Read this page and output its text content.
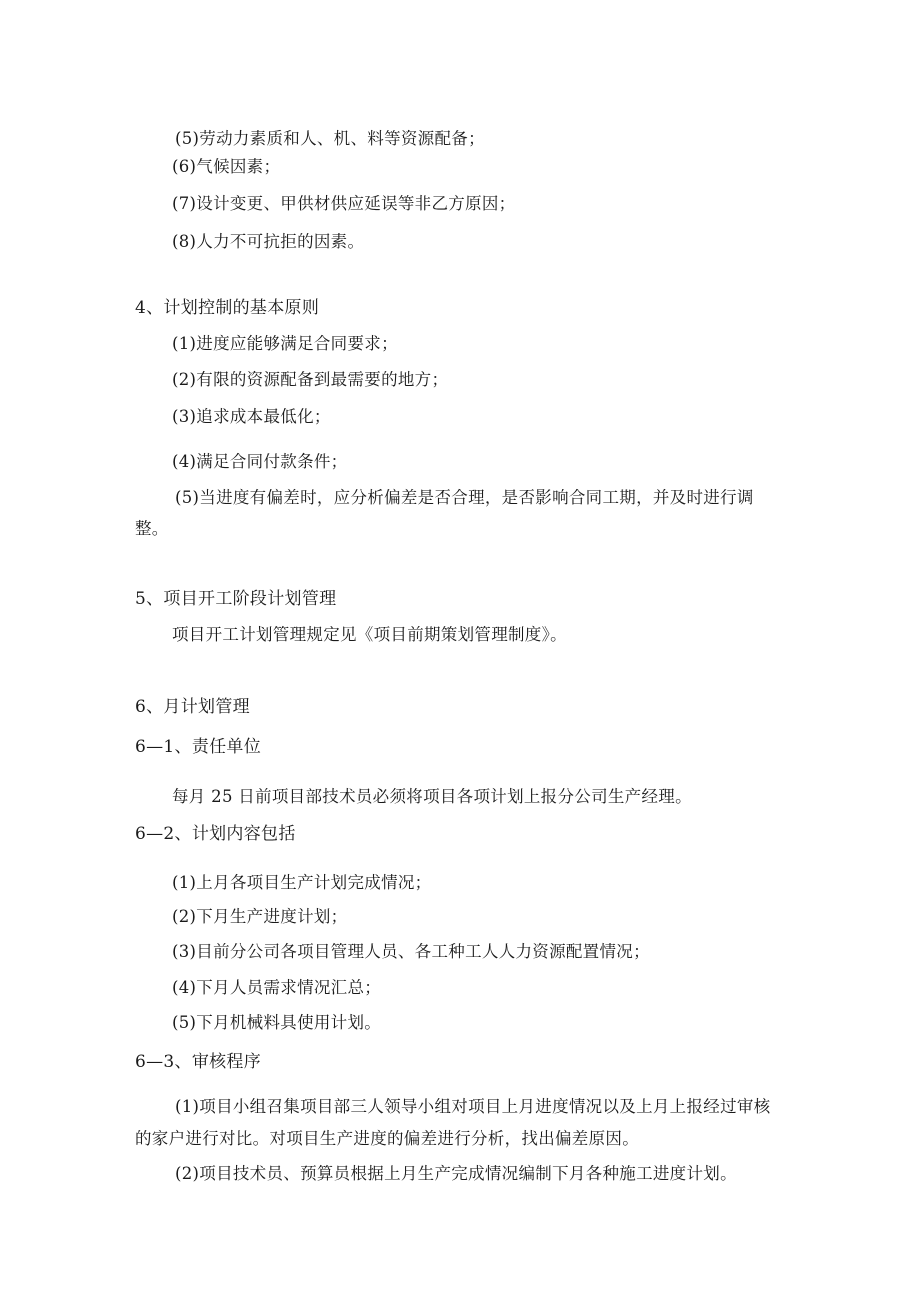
(5)劳动力素质和人、机、料等资源配备；
(6)气候因素；
(7)设计变更、甲供材供应延误等非乙方原因；
(8)人力不可抗拒的因素。
4、计划控制的基本原则
(1)进度应能够满足合同要求；
(2)有限的资源配备到最需要的地方；
(3)追求成本最低化；
(4)满足合同付款条件；
(5)当进度有偏差时，应分析偏差是否合理，是否影响合同工期，并及时进行调
整。
5、项目开工阶段计划管理
项目开工计划管理规定见《项目前期策划管理制度》。
6、月计划管理
6—1、责任单位
每月 25 日前项目部技术员必须将项目各项计划上报分公司生产经理。
6—2、计划内容包括
(1)上月各项目生产计划完成情况；
(2)下月生产进度计划；
(3)目前分公司各项目管理人员、各工种工人人力资源配置情况；
(4)下月人员需求情况汇总；
(5)下月机械料具使用计划。
6—3、审核程序
(1)项目小组召集项目部三人领导小组对项目上月进度情况以及上月上报经过审核
的家户进行对比。对项目生产进度的偏差进行分析，找出偏差原因。
(2)项目技术员、预算员根据上月生产完成情况编制下月各种施工进度计划。
